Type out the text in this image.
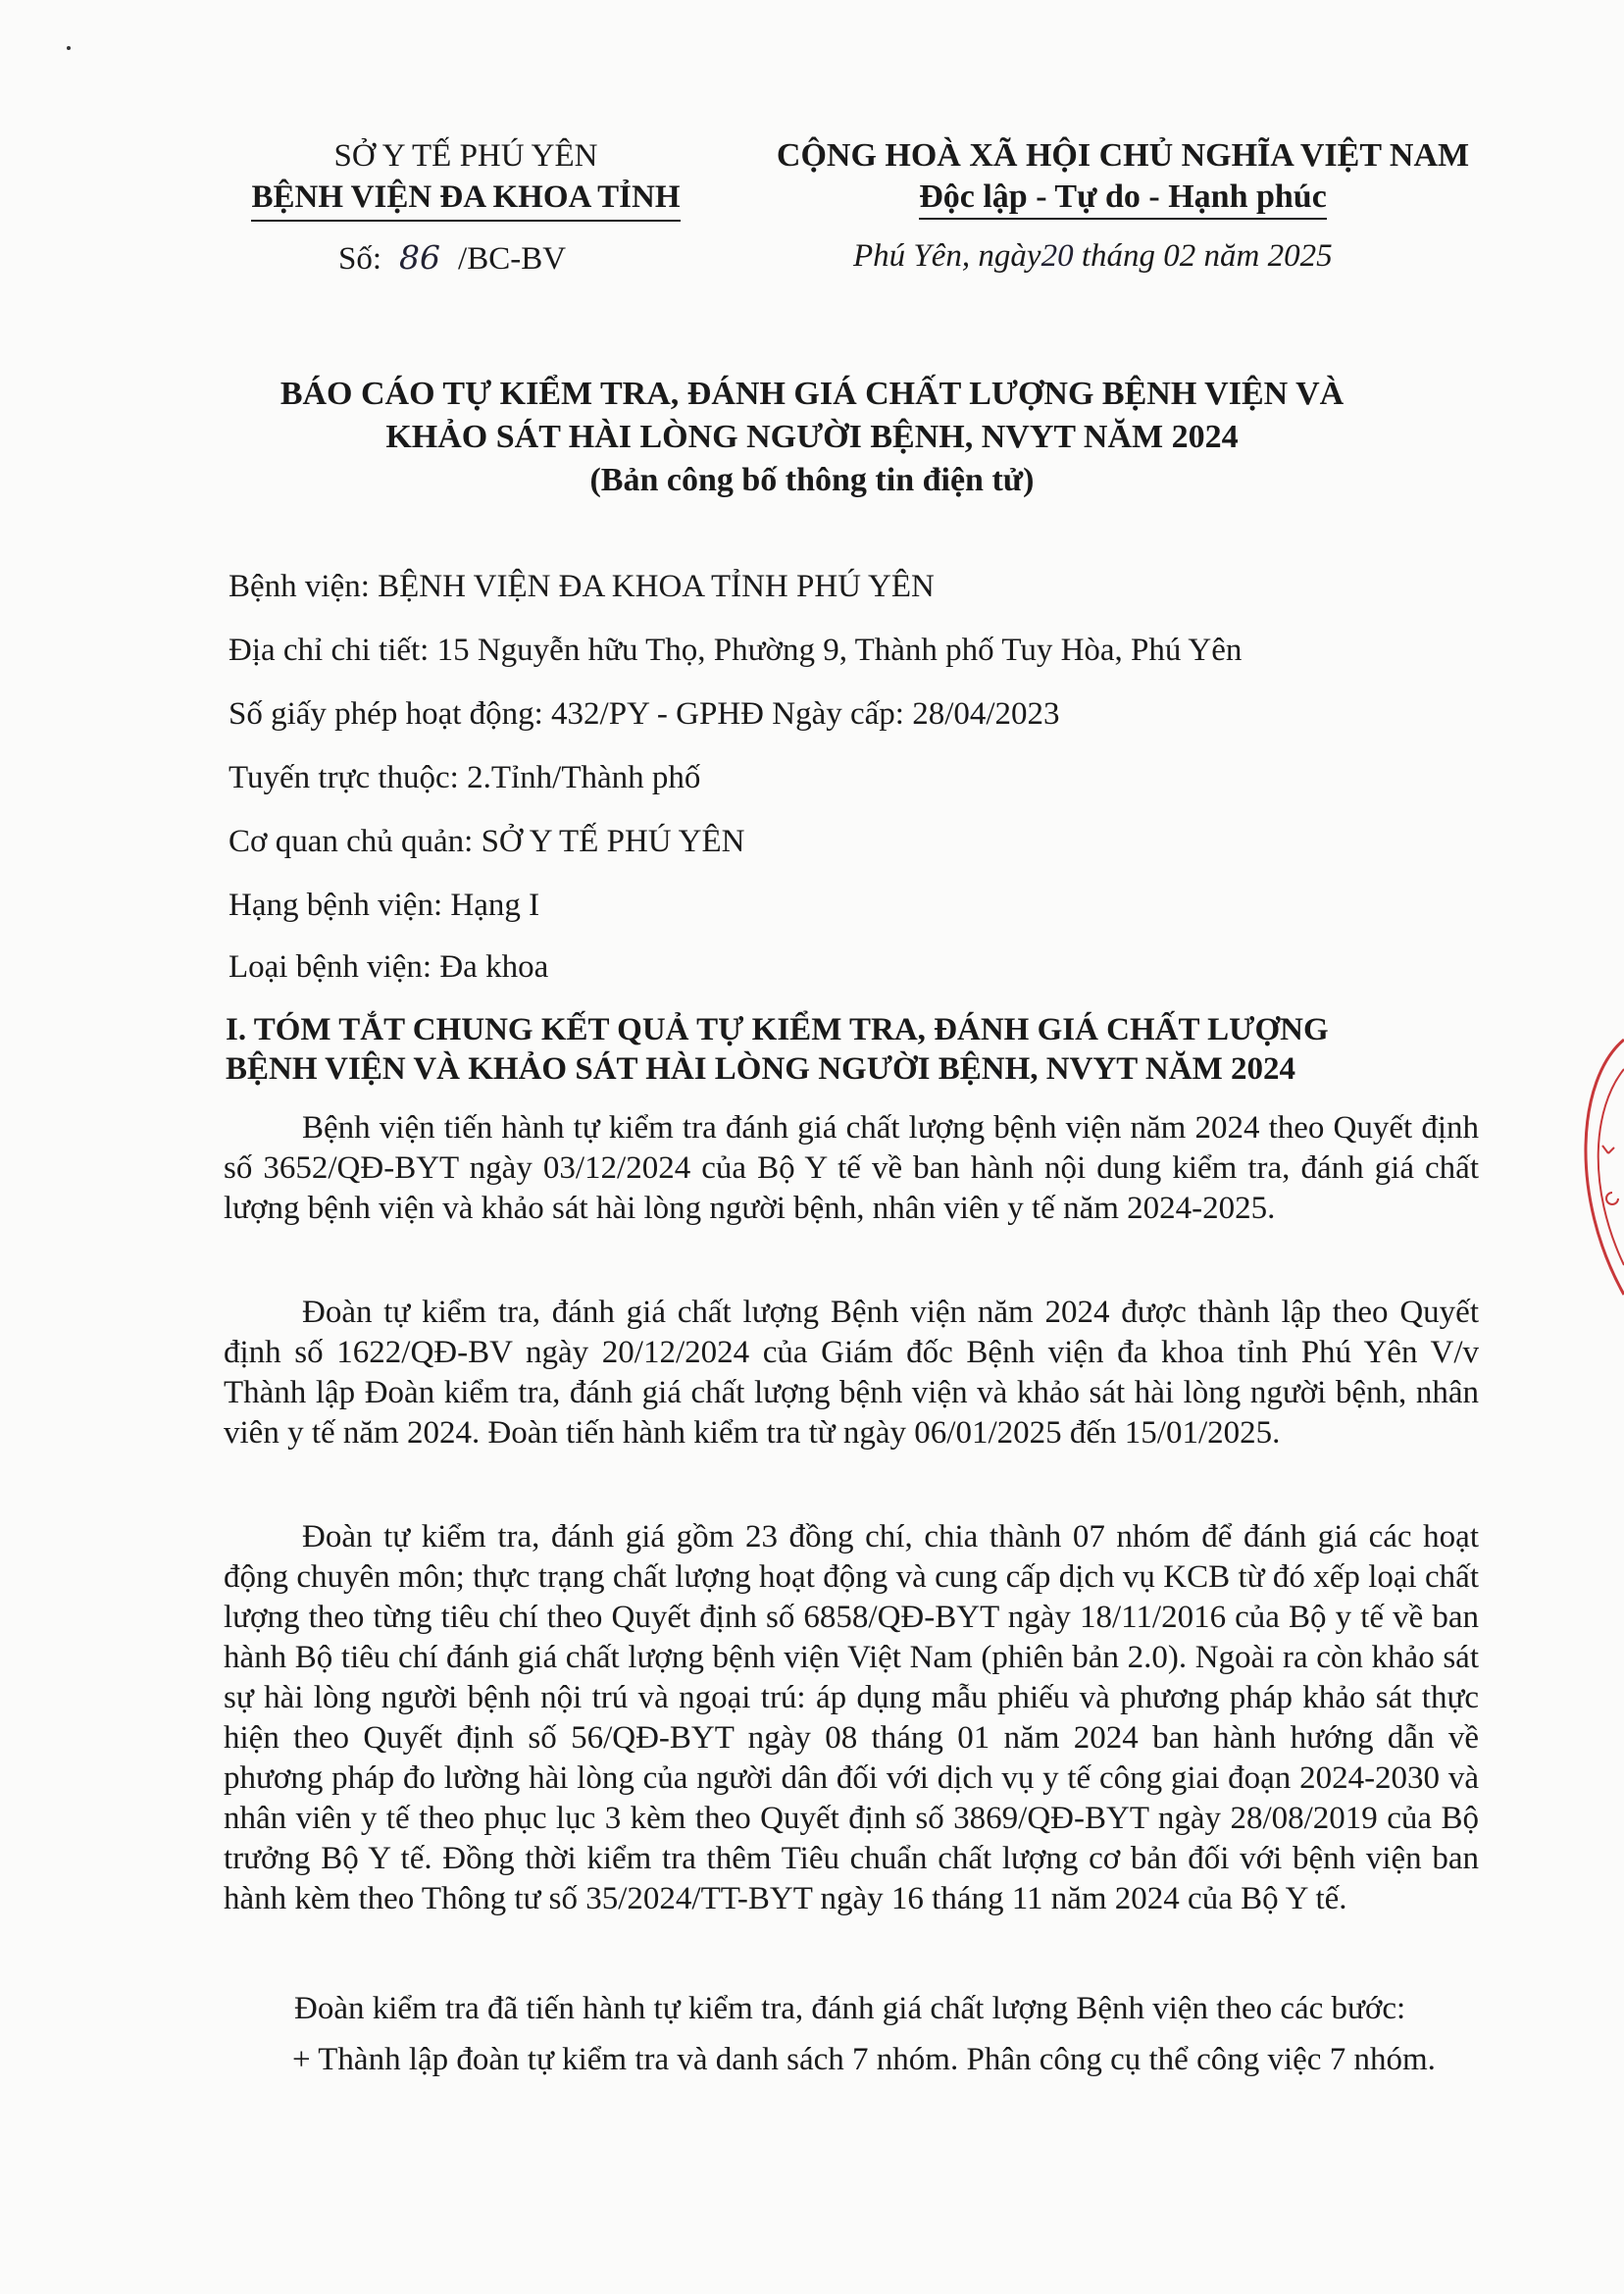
SỞ Y TẾ PHÚ YÊN
BỆNH VIỆN ĐA KHOA TỈNH
CỘNG HOÀ XÃ HỘI CHỦ NGHĨA VIỆT NAM
Độc lập - Tự do - Hạnh phúc
Số: 86 /BC-BV	Phú Yên, ngày20 tháng 02 năm 2025
BÁO CÁO TỰ KIỂM TRA, ĐÁNH GIÁ CHẤT LƯỢNG BỆNH VIỆN VÀ
KHẢO SÁT HÀI LÒNG NGƯỜI BỆNH, NVYT NĂM 2024
(Bản công bố thông tin điện tử)
Bệnh viện: BỆNH VIỆN ĐA KHOA TỈNH PHÚ YÊN
Địa chỉ chi tiết: 15 Nguyễn hữu Thọ, Phường 9, Thành phố Tuy Hòa, Phú Yên
Số giấy phép hoạt động: 432/PY - GPHĐ Ngày cấp: 28/04/2023
Tuyến trực thuộc: 2.Tỉnh/Thành phố
Cơ quan chủ quản: SỞ Y TẾ PHÚ YÊN
Hạng bệnh viện: Hạng I
Loại bệnh viện: Đa khoa
I. TÓM TẮT CHUNG KẾT QUẢ TỰ KIỂM TRA, ĐÁNH GIÁ CHẤT LƯỢNG
BỆNH VIỆN VÀ KHẢO SÁT HÀI LÒNG NGƯỜI BỆNH, NVYT NĂM 2024
Bệnh viện tiến hành tự kiểm tra đánh giá chất lượng bệnh viện năm 2024 theo Quyết định số 3652/QĐ-BYT ngày 03/12/2024 của Bộ Y tế về ban hành nội dung kiểm tra, đánh giá chất lượng bệnh viện và khảo sát hài lòng người bệnh, nhân viên y tế năm 2024-2025.
Đoàn tự kiểm tra, đánh giá chất lượng Bệnh viện năm 2024 được thành lập theo Quyết định số 1622/QĐ-BV ngày 20/12/2024 của Giám đốc Bệnh viện đa khoa tỉnh Phú Yên V/v Thành lập Đoàn kiểm tra, đánh giá chất lượng bệnh viện và khảo sát hài lòng người bệnh, nhân viên y tế năm 2024. Đoàn tiến hành kiểm tra từ ngày 06/01/2025 đến 15/01/2025.
Đoàn tự kiểm tra, đánh giá gồm 23 đồng chí, chia thành 07 nhóm để đánh giá các hoạt động chuyên môn; thực trạng chất lượng hoạt động và cung cấp dịch vụ KCB từ đó xếp loại chất lượng theo từng tiêu chí theo Quyết định số 6858/QĐ-BYT ngày 18/11/2016 của Bộ y tế về ban hành Bộ tiêu chí đánh giá chất lượng bệnh viện Việt Nam (phiên bản 2.0). Ngoài ra còn khảo sát sự hài lòng người bệnh nội trú và ngoại trú: áp dụng mẫu phiếu và phương pháp khảo sát thực hiện theo Quyết định số 56/QĐ-BYT ngày 08 tháng 01 năm 2024 ban hành hướng dẫn về phương pháp đo lường hài lòng của người dân đối với dịch vụ y tế công giai đoạn 2024-2030 và nhân viên y tế theo phục lục 3 kèm theo Quyết định số 3869/QĐ-BYT ngày 28/08/2019 của Bộ trưởng Bộ Y tế. Đồng thời kiểm tra thêm Tiêu chuẩn chất lượng cơ bản đối với bệnh viện ban hành kèm theo Thông tư số 35/2024/TT-BYT ngày 16 tháng 11 năm 2024 của Bộ Y tế.
Đoàn kiểm tra đã tiến hành tự kiểm tra, đánh giá chất lượng Bệnh viện theo các bước:
+ Thành lập đoàn tự kiểm tra và danh sách 7 nhóm. Phân công cụ thể công việc 7 nhóm.
